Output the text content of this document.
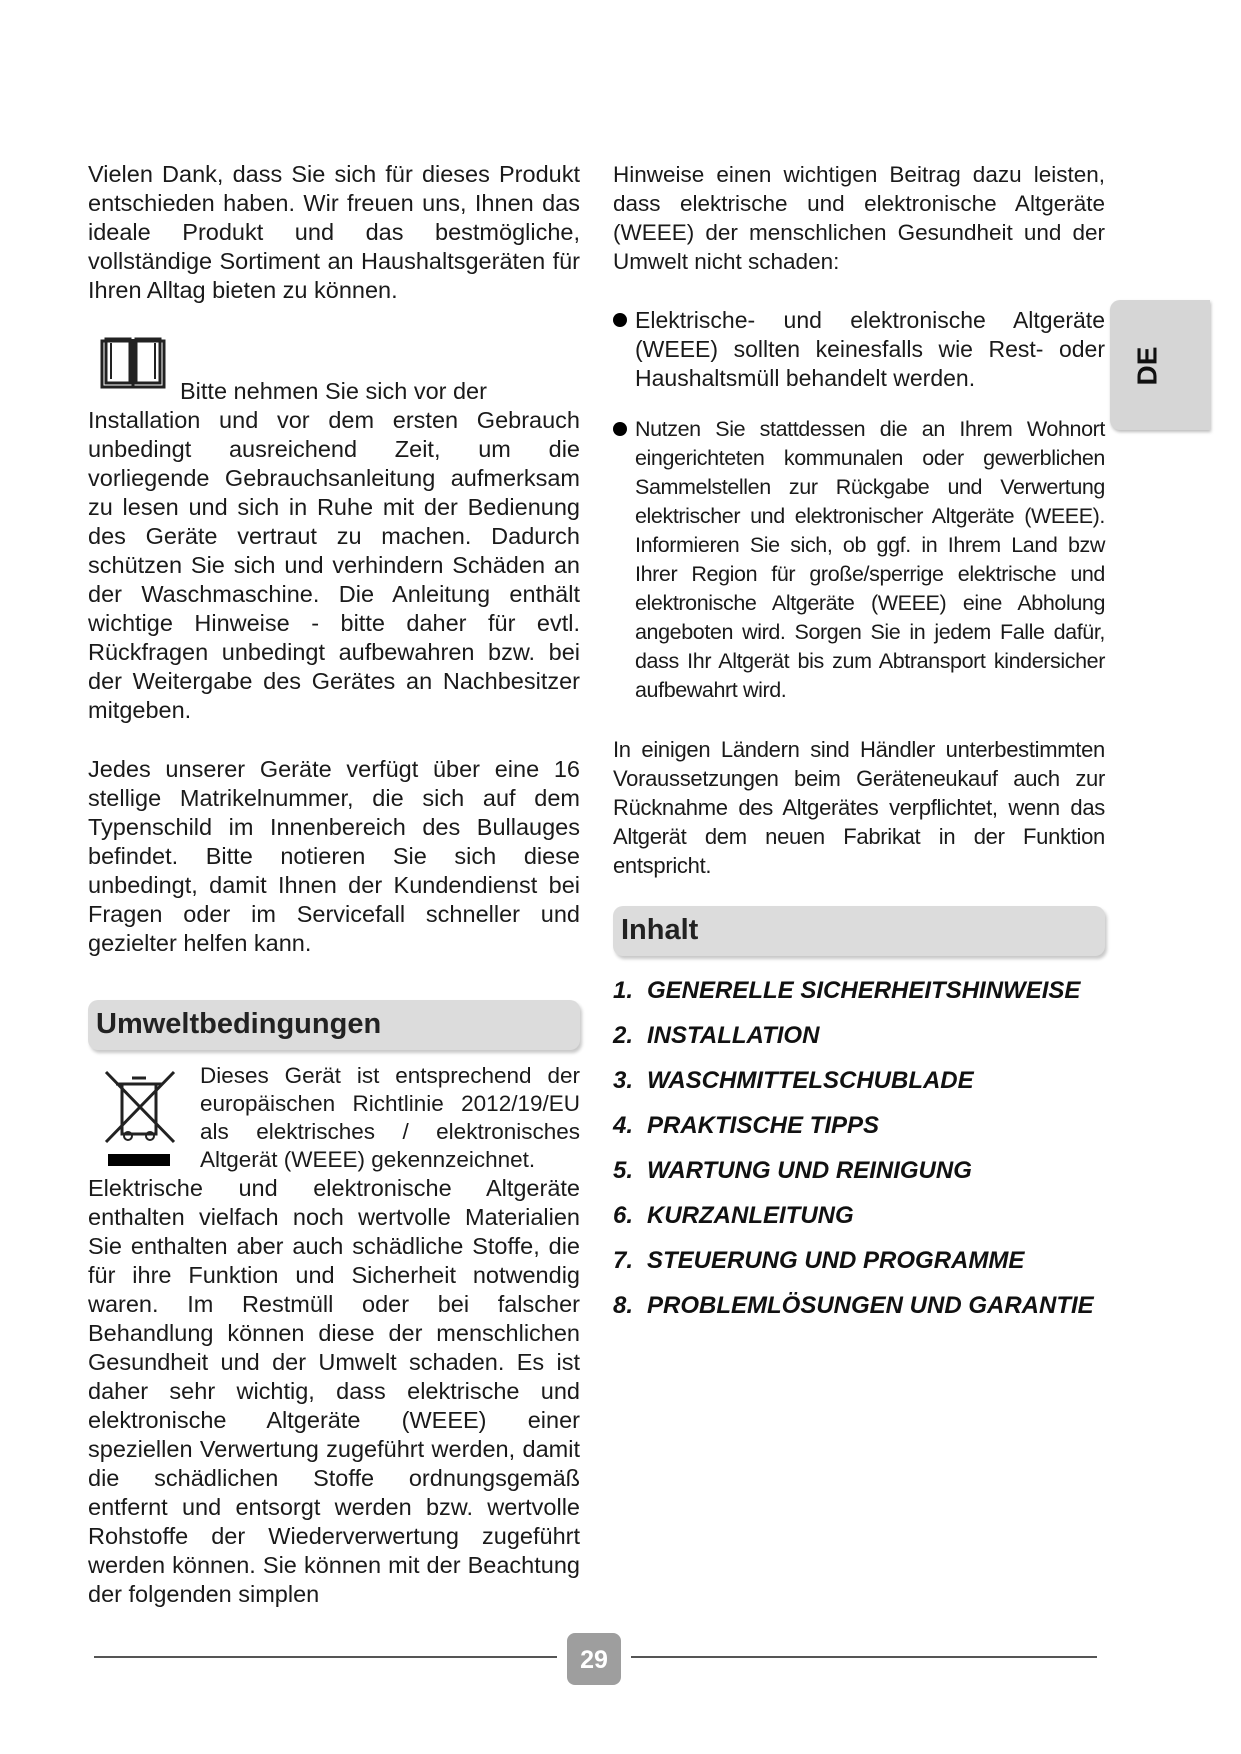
Vielen Dank, dass Sie sich für dieses Produkt entschieden haben. Wir freuen uns, Ihnen das ideale Produkt und das bestmögliche, vollständige Sortiment an Haushaltsgeräten für Ihren Alltag bieten zu können.

Bitte nehmen Sie sich vor der
Installation und vor dem ersten Gebrauch unbedingt ausreichend Zeit, um die vorliegende Gebrauchsanleitung aufmerksam zu lesen und sich in Ruhe mit der Bedienung des Geräte vertraut zu machen. Dadurch schützen Sie sich und verhindern Schäden an der Waschmaschine. Die Anleitung enthält wichtige Hinweise - bitte daher für evtl. Rückfragen unbedingt aufbewahren bzw. bei der Weitergabe des Gerätes an Nachbesitzer mitgeben.

Jedes unserer Geräte verfügt über eine 16 stellige Matrikelnummer, die sich auf dem Typenschild im Innenbereich des Bullauges befindet. Bitte notieren Sie sich diese unbedingt, damit Ihnen der Kundendienst bei Fragen oder im Servicefall schneller und gezielter helfen kann.

Umweltbedingungen

Dieses Gerät ist entsprechend der europäischen Richtlinie 2012/19/EU als elektrisches / elektronisches Altgerät (WEEE) gekennzeichnet.
Elektrische und elektronische Altgeräte enthalten vielfach noch wertvolle Materialien Sie enthalten aber auch schädliche Stoffe, die für ihre Funktion und Sicherheit notwendig waren. Im Restmüll oder bei falscher Behandlung können diese der menschlichen Gesundheit und der Umwelt schaden. Es ist daher sehr wichtig, dass elektrische und elektronische Altgeräte (WEEE) einer speziellen Verwertung zugeführt werden, damit die schädlichen Stoffe ordnungsgemäß entfernt und entsorgt werden bzw. wertvolle Rohstoffe der Wiederverwertung zugeführt werden können. Sie können mit der Beachtung der folgenden simplen

Hinweise einen wichtigen Beitrag dazu leisten, dass elektrische und elektronische Altgeräte (WEEE) der menschlichen Gesundheit und der Umwelt nicht schaden:

Elektrische- und elektronische Altgeräte (WEEE) sollten keinesfalls wie Rest- oder Haushaltsmüll behandelt werden.

Nutzen Sie stattdessen die an Ihrem Wohnort eingerichteten kommunalen oder gewerblichen Sammelstellen zur Rückgabe und Verwertung elektrischer und elektronischer Altgeräte (WEEE). Informieren Sie sich, ob ggf. in Ihrem Land bzw Ihrer Region für große/sperrige elektrische und elektronische Altgeräte (WEEE) eine Abholung angeboten wird. Sorgen Sie in jedem Falle dafür, dass Ihr Altgerät bis zum Abtransport kindersicher aufbewahrt wird.

In einigen Ländern sind Händler unterbestimmten Voraussetzungen beim Geräteneukauf auch zur Rücknahme des Altgerätes verpflichtet, wenn das Altgerät dem neuen Fabrikat in der Funktion entspricht.

Inhalt
1. GENERELLE SICHERHEITSHINWEISE
2. INSTALLATION
3. WASCHMITTELSCHUBLADE
4. PRAKTISCHE TIPPS
5. WARTUNG UND REINIGUNG
6. KURZANLEITUNG
7. STEUERUNG UND PROGRAMME
8. PROBLEMLÖSUNGEN UND GARANTIE
DE
29
